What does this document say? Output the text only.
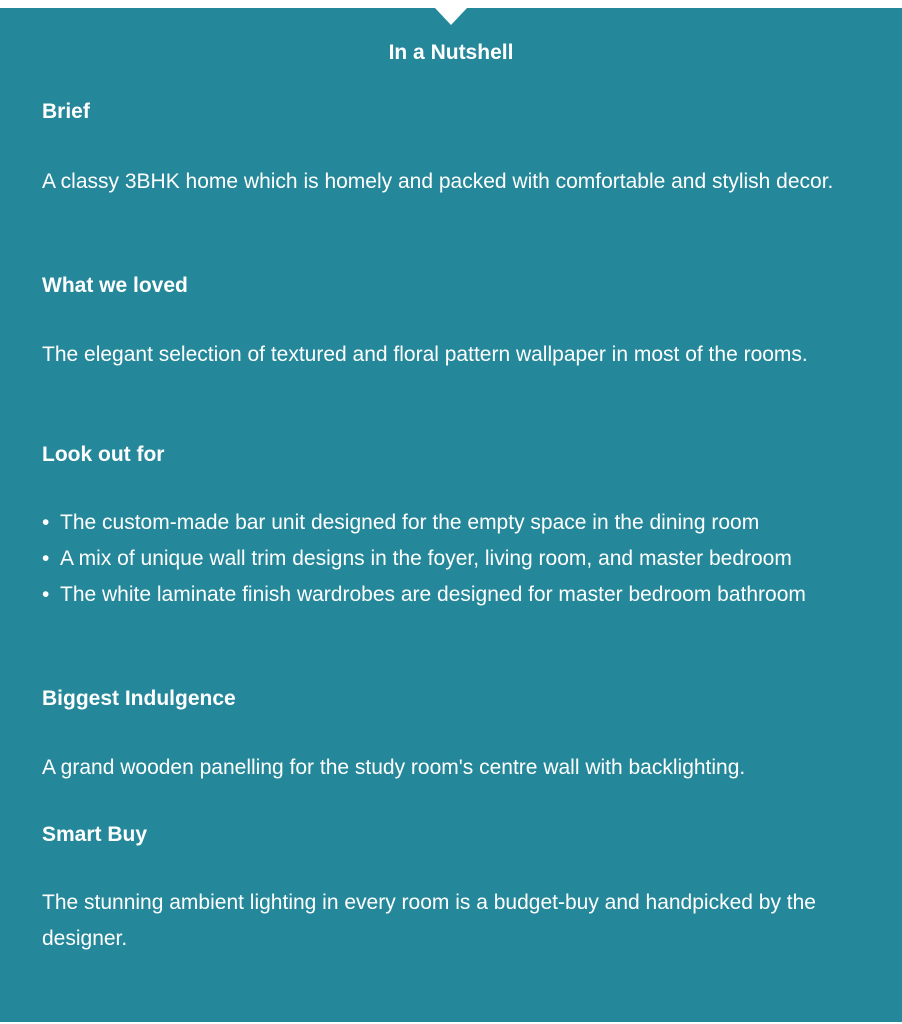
In a Nutshell
Brief

A classy 3BHK home which is homely and packed with comfortable and stylish decor.

What we loved

The elegant selection of textured and floral pattern wallpaper in most of the rooms.

Look out for
• The custom-made bar unit designed for the empty space in the dining room
• A mix of unique wall trim designs in the foyer, living room, and master bedroom
• The white laminate finish wardrobes are designed for master bedroom bathroom
Biggest Indulgence

A grand wooden panelling for the study room's centre wall with backlighting.

Smart Buy

The stunning ambient lighting in every room is a budget-buy and handpicked by the designer.
